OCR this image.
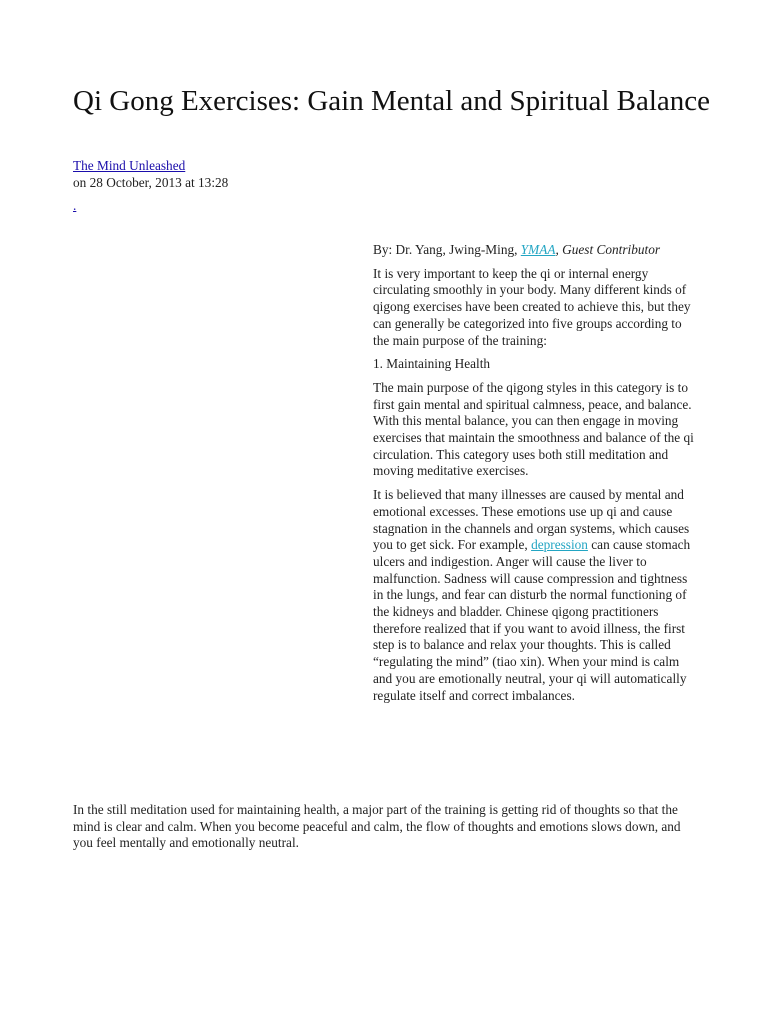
Qi Gong Exercises: Gain Mental and Spiritual Balance

The Mind Unleashed

on 28 October, 2013 at 13:28

.

By: Dr. Yang, Jwing-Ming, YMAA, Guest Contributor

It is very important to keep the qi or internal energy circulating smoothly in your body. Many different kinds of qigong exercises have been created to achieve this, but they can generally be categorized into five groups according to the main purpose of the training:

1. Maintaining Health

The main purpose of the qigong styles in this category is to first gain mental and spiritual calmness, peace, and balance. With this mental balance, you can then engage in moving exercises that maintain the smoothness and balance of the qi circulation. This category uses both still meditation and moving meditative exercises.

It is believed that many illnesses are caused by mental and emotional excesses. These emotions use up qi and cause stagnation in the channels and organ systems, which causes you to get sick. For example, depression can cause stomach ulcers and indigestion. Anger will cause the liver to malfunction. Sadness will cause compression and tightness in the lungs, and fear can disturb the normal functioning of the kidneys and bladder. Chinese qigong practitioners therefore realized that if you want to avoid illness, the first step is to balance and relax your thoughts. This is called “regulating the mind” (tiao xin). When your mind is calm and you are emotionally neutral, your qi will automatically regulate itself and correct imbalances.

In the still meditation used for maintaining health, a major part of the training is getting rid of thoughts so that the mind is clear and calm. When you become peaceful and calm, the flow of thoughts and emotions slows down, and you feel mentally and emotionally neutral.
